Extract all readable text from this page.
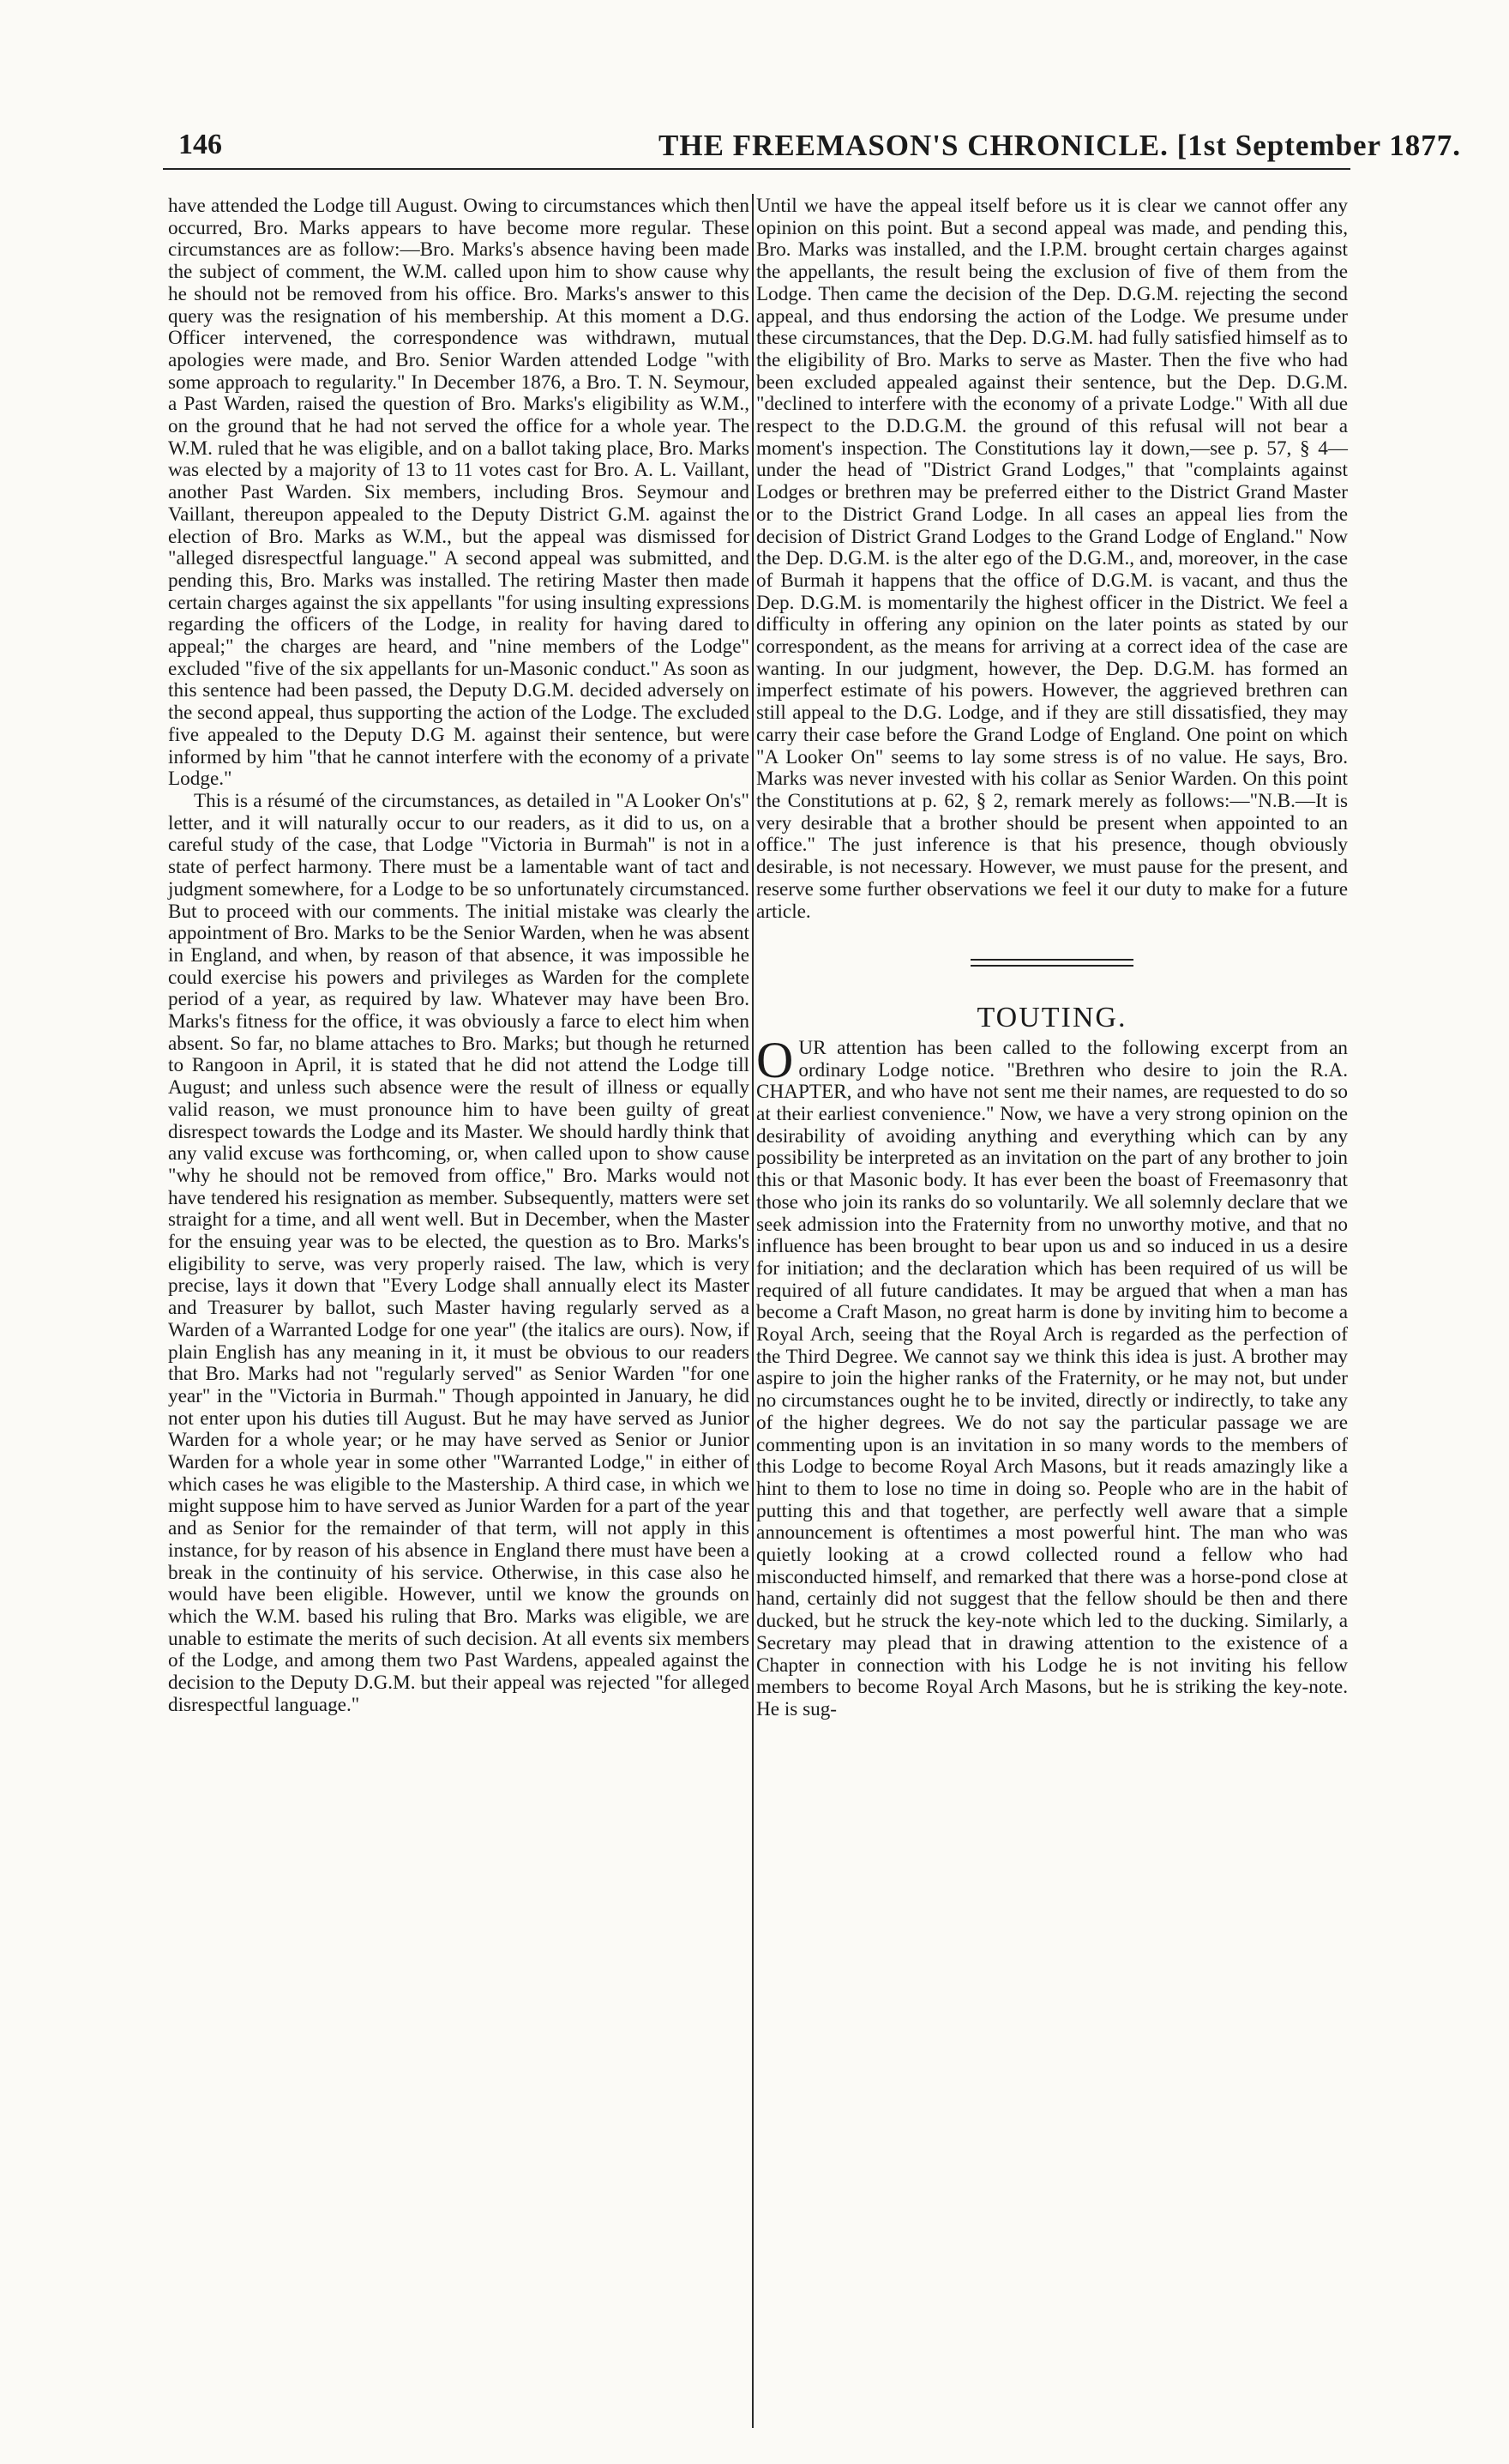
146	THE FREEMASON'S CHRONICLE. [1st September 1877.

have attended the Lodge till August. Owing to circumstances which then occurred, Bro. Marks appears to have become more regular. These circumstances are as follow:—Bro. Marks's absence having been made the subject of comment, the W.M. called upon him to show cause why he should not be removed from his office. Bro. Marks's answer to this query was the resignation of his membership. At this moment a D.G. Officer intervened, the correspondence was withdrawn, mutual apologies were made, and Bro. Senior Warden attended Lodge "with some approach to regularity." In December 1876, a Bro. T. N. Seymour, a Past Warden, raised the question of Bro. Marks's eligibility as W.M., on the ground that he had not served the office for a whole year. The W.M. ruled that he was eligible, and on a ballot taking place, Bro. Marks was elected by a majority of 13 to 11 votes cast for Bro. A. L. Vaillant, another Past Warden. Six members, including Bros. Seymour and Vaillant, thereupon appealed to the Deputy District G.M. against the election of Bro. Marks as W.M., but the appeal was dismissed for "alleged disrespectful language." A second appeal was submitted, and pending this, Bro. Marks was installed. The retiring Master then made certain charges against the six appellants "for using insulting expressions regarding the officers of the Lodge, in reality for having dared to appeal;" the charges are heard, and "nine members of the Lodge" excluded "five of the six appellants for un-Masonic conduct." As soon as this sentence had been passed, the Deputy D.G.M. decided adversely on the second appeal, thus supporting the action of the Lodge. The excluded five appealed to the Deputy D.G M. against their sentence, but were informed by him "that he cannot interfere with the economy of a private Lodge."

This is a résumé of the circumstances, as detailed in "A Looker On's" letter, and it will naturally occur to our readers, as it did to us, on a careful study of the case, that Lodge "Victoria in Burmah" is not in a state of perfect harmony. There must be a lamentable want of tact and judgment somewhere, for a Lodge to be so unfortunately circumstanced. But to proceed with our comments. The initial mistake was clearly the appointment of Bro. Marks to be the Senior Warden, when he was absent in England, and when, by reason of that absence, it was impossible he could exercise his powers and privileges as Warden for the complete period of a year, as required by law. Whatever may have been Bro. Marks's fitness for the office, it was obviously a farce to elect him when absent. So far, no blame attaches to Bro. Marks; but though he returned to Rangoon in April, it is stated that he did not attend the Lodge till August; and unless such absence were the result of illness or equally valid reason, we must pronounce him to have been guilty of great disrespect towards the Lodge and its Master. We should hardly think that any valid excuse was forthcoming, or, when called upon to show cause "why he should not be removed from office," Bro. Marks would not have tendered his resignation as member. Subsequently, matters were set straight for a time, and all went well. But in December, when the Master for the ensuing year was to be elected, the question as to Bro. Marks's eligibility to serve, was very properly raised. The law, which is very precise, lays it down that "Every Lodge shall annually elect its Master and Treasurer by ballot, such Master having regularly served as a Warden of a Warranted Lodge for one year" (the italics are ours). Now, if plain English has any meaning in it, it must be obvious to our readers that Bro. Marks had not "regularly served" as Senior Warden "for one year" in the "Victoria in Burmah." Though appointed in January, he did not enter upon his duties till August. But he may have served as Junior Warden for a whole year; or he may have served as Senior or Junior Warden for a whole year in some other "Warranted Lodge," in either of which cases he was eligible to the Mastership. A third case, in which we might suppose him to have served as Junior Warden for a part of the year and as Senior for the remainder of that term, will not apply in this instance, for by reason of his absence in England there must have been a break in the continuity of his service. Otherwise, in this case also he would have been eligible. However, until we know the grounds on which the W.M. based his ruling that Bro. Marks was eligible, we are unable to estimate the merits of such decision. At all events six members of the Lodge, and among them two Past Wardens, appealed against the decision to the Deputy D.G.M. but their appeal was rejected "for alleged disrespectful language."

Until we have the appeal itself before us it is clear we cannot offer any opinion on this point. But a second appeal was made, and pending this, Bro. Marks was installed, and the I.P.M. brought certain charges against the appellants, the result being the exclusion of five of them from the Lodge. Then came the decision of the Dep. D.G.M. rejecting the second appeal, and thus endorsing the action of the Lodge. We presume under these circumstances, that the Dep. D.G.M. had fully satisfied himself as to the eligibility of Bro. Marks to serve as Master. Then the five who had been excluded appealed against their sentence, but the Dep. D.G.M. "declined to interfere with the economy of a private Lodge." With all due respect to the D.D.G.M. the ground of this refusal will not bear a moment's inspection. The Constitutions lay it down,—see p. 57, § 4—under the head of "District Grand Lodges," that "complaints against Lodges or brethren may be preferred either to the District Grand Master or to the District Grand Lodge. In all cases an appeal lies from the decision of District Grand Lodges to the Grand Lodge of England." Now the Dep. D.G.M. is the alter ego of the D.G.M., and, moreover, in the case of Burmah it happens that the office of D.G.M. is vacant, and thus the Dep. D.G.M. is momentarily the highest officer in the District. We feel a difficulty in offering any opinion on the later points as stated by our correspondent, as the means for arriving at a correct idea of the case are wanting. In our judgment, however, the Dep. D.G.M. has formed an imperfect estimate of his powers. However, the aggrieved brethren can still appeal to the D.G. Lodge, and if they are still dissatisfied, they may carry their case before the Grand Lodge of England. One point on which "A Looker On" seems to lay some stress is of no value. He says, Bro. Marks was never invested with his collar as Senior Warden. On this point the Constitutions at p. 62, § 2, remark merely as follows:—"N.B.—It is very desirable that a brother should be present when appointed to an office." The just inference is that his presence, though obviously desirable, is not necessary. However, we must pause for the present, and reserve some further observations we feel it our duty to make for a future article.

TOUTING.

OUR attention has been called to the following excerpt from an ordinary Lodge notice. "Brethren who desire to join the R.A. CHAPTER, and who have not sent me their names, are requested to do so at their earliest convenience." Now, we have a very strong opinion on the desirability of avoiding anything and everything which can by any possibility be interpreted as an invitation on the part of any brother to join this or that Masonic body. It has ever been the boast of Freemasonry that those who join its ranks do so voluntarily. We all solemnly declare that we seek admission into the Fraternity from no unworthy motive, and that no influence has been brought to bear upon us and so induced in us a desire for initiation; and the declaration which has been required of us will be required of all future candidates. It may be argued that when a man has become a Craft Mason, no great harm is done by inviting him to become a Royal Arch, seeing that the Royal Arch is regarded as the perfection of the Third Degree. We cannot say we think this idea is just. A brother may aspire to join the higher ranks of the Fraternity, or he may not, but under no circumstances ought he to be invited, directly or indirectly, to take any of the higher degrees. We do not say the particular passage we are commenting upon is an invitation in so many words to the members of this Lodge to become Royal Arch Masons, but it reads amazingly like a hint to them to lose no time in doing so. People who are in the habit of putting this and that together, are perfectly well aware that a simple announcement is oftentimes a most powerful hint. The man who was quietly looking at a crowd collected round a fellow who had misconducted himself, and remarked that there was a horse-pond close at hand, certainly did not suggest that the fellow should be then and there ducked, but he struck the key-note which led to the ducking. Similarly, a Secretary may plead that in drawing attention to the existence of a Chapter in connection with his Lodge he is not inviting his fellow members to become Royal Arch Masons, but he is striking the key-note. He is sug-
